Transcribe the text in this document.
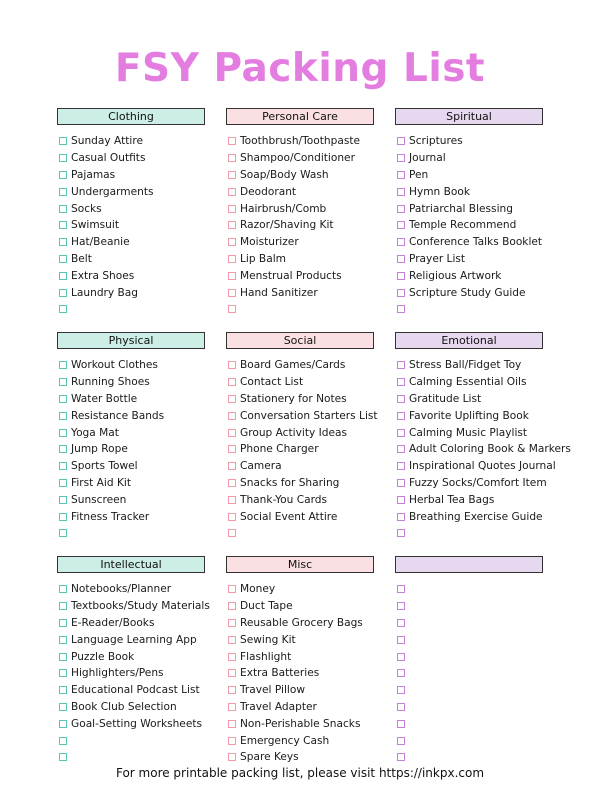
FSY Packing List
Clothing
Sunday Attire
Casual Outfits
Pajamas
Undergarments
Socks
Swimsuit
Hat/Beanie
Belt
Extra Shoes
Laundry Bag
Personal Care
Toothbrush/Toothpaste
Shampoo/Conditioner
Soap/Body Wash
Deodorant
Hairbrush/Comb
Razor/Shaving Kit
Moisturizer
Lip Balm
Menstrual Products
Hand Sanitizer
Spiritual
Scriptures
Journal
Pen
Hymn Book
Patriarchal Blessing
Temple Recommend
Conference Talks Booklet
Prayer List
Religious Artwork
Scripture Study Guide
Physical
Workout Clothes
Running Shoes
Water Bottle
Resistance Bands
Yoga Mat
Jump Rope
Sports Towel
First Aid Kit
Sunscreen
Fitness Tracker
Social
Board Games/Cards
Contact List
Stationery for Notes
Conversation Starters List
Group Activity Ideas
Phone Charger
Camera
Snacks for Sharing
Thank-You Cards
Social Event Attire
Emotional
Stress Ball/Fidget Toy
Calming Essential Oils
Gratitude List
Favorite Uplifting Book
Calming Music Playlist
Adult Coloring Book & Markers
Inspirational Quotes Journal
Fuzzy Socks/Comfort Item
Herbal Tea Bags
Breathing Exercise Guide
Intellectual
Notebooks/Planner
Textbooks/Study Materials
E-Reader/Books
Language Learning App
Puzzle Book
Highlighters/Pens
Educational Podcast List
Book Club Selection
Goal-Setting Worksheets
Misc
Money
Duct Tape
Reusable Grocery Bags
Sewing Kit
Flashlight
Extra Batteries
Travel Pillow
Travel Adapter
Non-Perishable Snacks
Emergency Cash
Spare Keys
For more printable packing list, please visit https://inkpx.com
